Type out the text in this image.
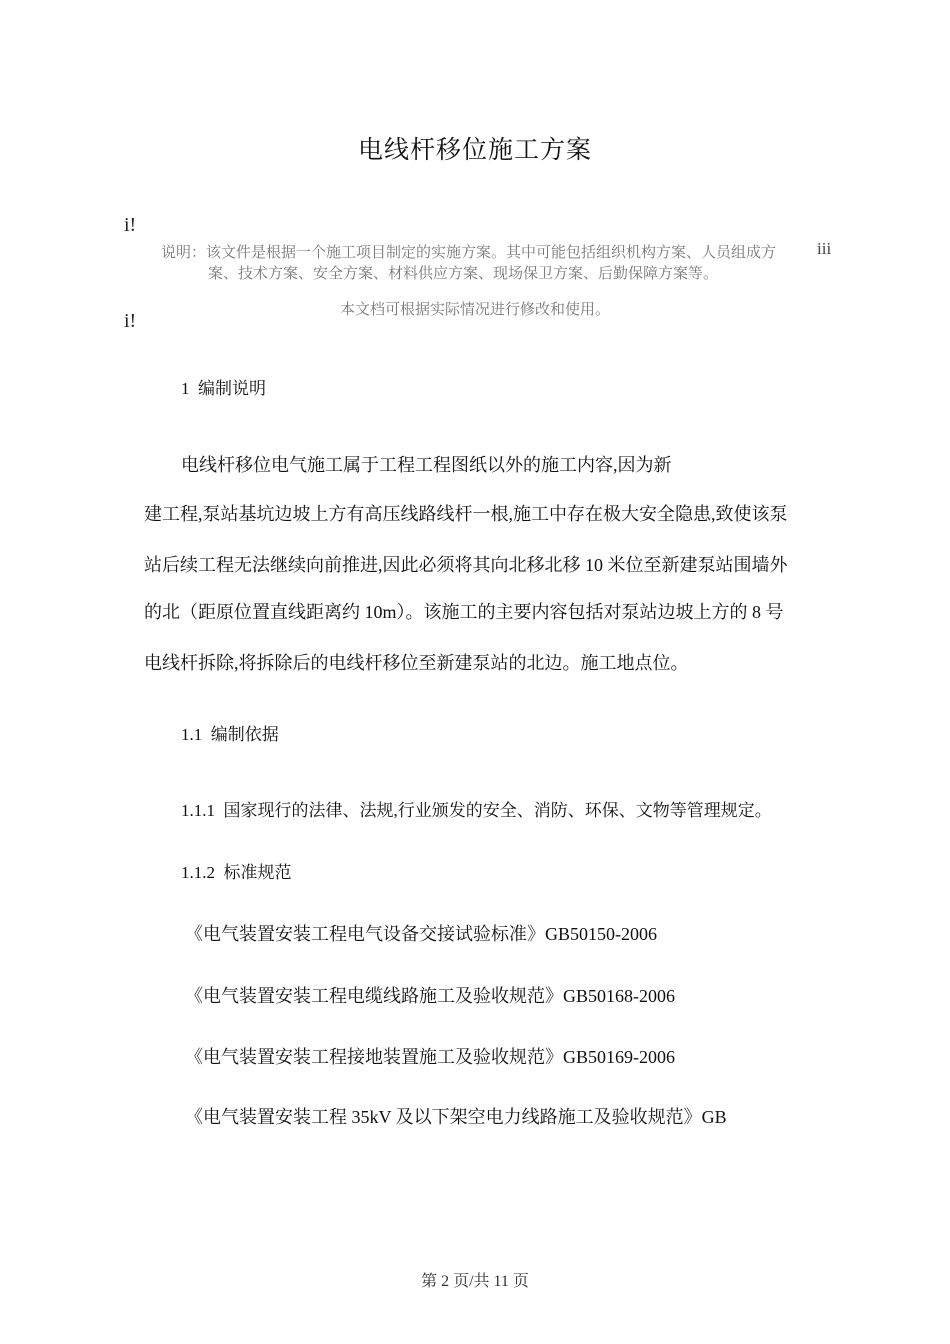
电线杆移位施工方案
i!
说明：该文件是根据一个施工项目制定的实施方案。其中可能包括组织机构方案、人员组成方 iii
案、技术方案、安全方案、材料供应方案、现场保卫方案、后勤保障方案等。
本文档可根据实际情况进行修改和使用。
i!
1 编制说明
电线杆移位电气施工属于工程工程图纸以外的施工内容,因为新
建工程,泵站基坑边坡上方有高压线路线杆一根,施工中存在极大安全隐患,致使该泵
站后续工程无法继续向前推进,因此必须将其向北移北移 10 米位至新建泵站围墙外
的北（距原位置直线距离约 10m）。该施工的主要内容包括对泵站边坡上方的 8 号
电线杆拆除,将拆除后的电线杆移位至新建泵站的北边。施工地点位。
1.1 编制依据
1.1.1 国家现行的法律、法规,行业颁发的安全、消防、环保、文物等管理规定。
1.1.2 标准规范
《电气装置安装工程电气设备交接试验标准》GB50150-2006
《电气装置安装工程电缆线路施工及验收规范》GB50168-2006
《电气装置安装工程接地装置施工及验收规范》GB50169-2006
《电气装置安装工程 35kV 及以下架空电力线路施工及验收规范》GB
第 2 页/共 11 页
